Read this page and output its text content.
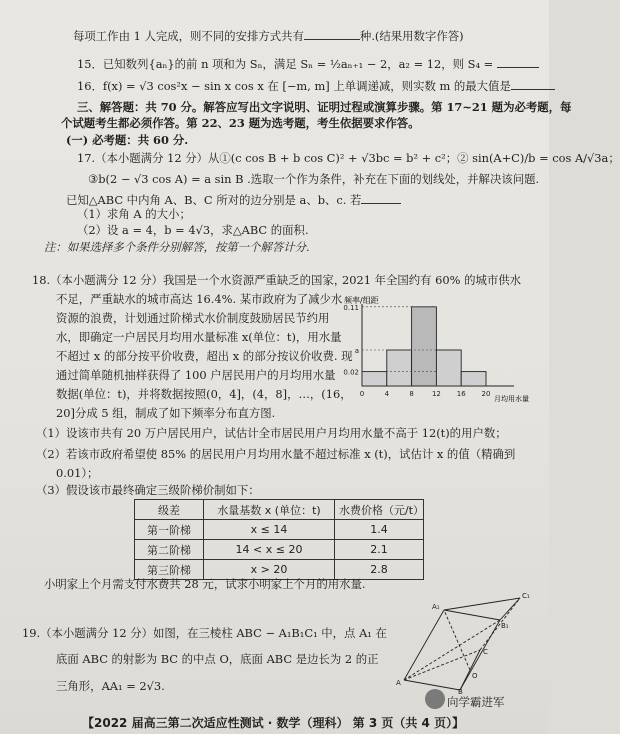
每项工作由 1 人完成，则不同的安排方式共有	种.(结果用数字作答)
15．已知数列{aₙ}的前 n 项和为 Sₙ，满足 Sₙ = ½aₙ₊₁ − 2，a₂ = 12，则 S₄ =
16．f(x) = √3 cos²x − sin x cos x 在 [−m, m] 上单调递减，则实数 m 的最大值是
三、解答题：共 70 分。解答应写出文字说明、证明过程或演算步骤。第 17~21 题为必考题，每
个试题考生都必须作答。第 22、23 题为选考题，考生依据要求作答。
(一) 必考题：共 60 分.
17.（本小题满分 12 分）从①(c cos B + b cos C)² + √3bc = b² + c²；② sin(A+C)/b = cos A/√3a；
③b(2 − √3 cos A) = a sin B .选取一个作为条件，补充在下面的划线处，并解决该问题.
已知△ABC 中内角 A、B、C 所对的边分别是 a、b、c. 若
（1）求角 A 的大小；
（2）设 a = 4，b = 4√3，求△ABC 的面积.
注：如果选择多个条件分别解答，按第一个解答计分.
18.（本小题满分 12 分）我国是一个水资源严重缺乏的国家，
2021 年全国约有 60% 的城市供水
不足，严重缺水的城市高达 16.4%. 某市政府为了减少水
资源的浪费，计划通过阶梯式水价制度鼓励居民节约用
水，即确定一户居民月均用水量标准 x(单位：t)，用水量
不超过 x 的部分按平价收费，超出 x 的部分按议价收费. 现
通过简单随机抽样获得了 100 户居民用户的月均用水量
数据(单位：t)，并将数据按照(0，4]，(4，8]，…，(16，
20]分成 5 组，制成了如下频率分布直方图.
（1）设该市共有 20 万户居民用户，试估计全市居民用户月均用水量不高于 12(t)的用户数；
（2）若该市政府希望使 85% 的居民用户月均用水量不超过标准 x (t)，试估计 x 的值（精确到
0.01）；
（3）假设该市最终确定三级阶梯价制如下：
频率/组距
月均用水量
0.11
a
0.02
0	4	8	12 16 20
级差	水量基数 x (单位：t)	水费价格（元/t）
第一阶梯	x ≤ 14	1.4
第二阶梯	14 < x ≤ 20	2.1
第三阶梯	x > 20	2.8
小明家上个月需支付水费共 28 元，试求小明家上个月的用水量.
19.（本小题满分 12 分）如图，在三棱柱 ABC − A₁B₁C₁ 中，点 A₁ 在
底面 ABC 的射影为 BC 的中点 O，底面 ABC 是边长为 2 的正
三角形，AA₁ = 2√3.	A
B
C
A₁
B₁
C₁
O
向学霸进军
【2022 届高三第二次适应性测试 · 数学（理科） 第 3 页（共 4 页）】
